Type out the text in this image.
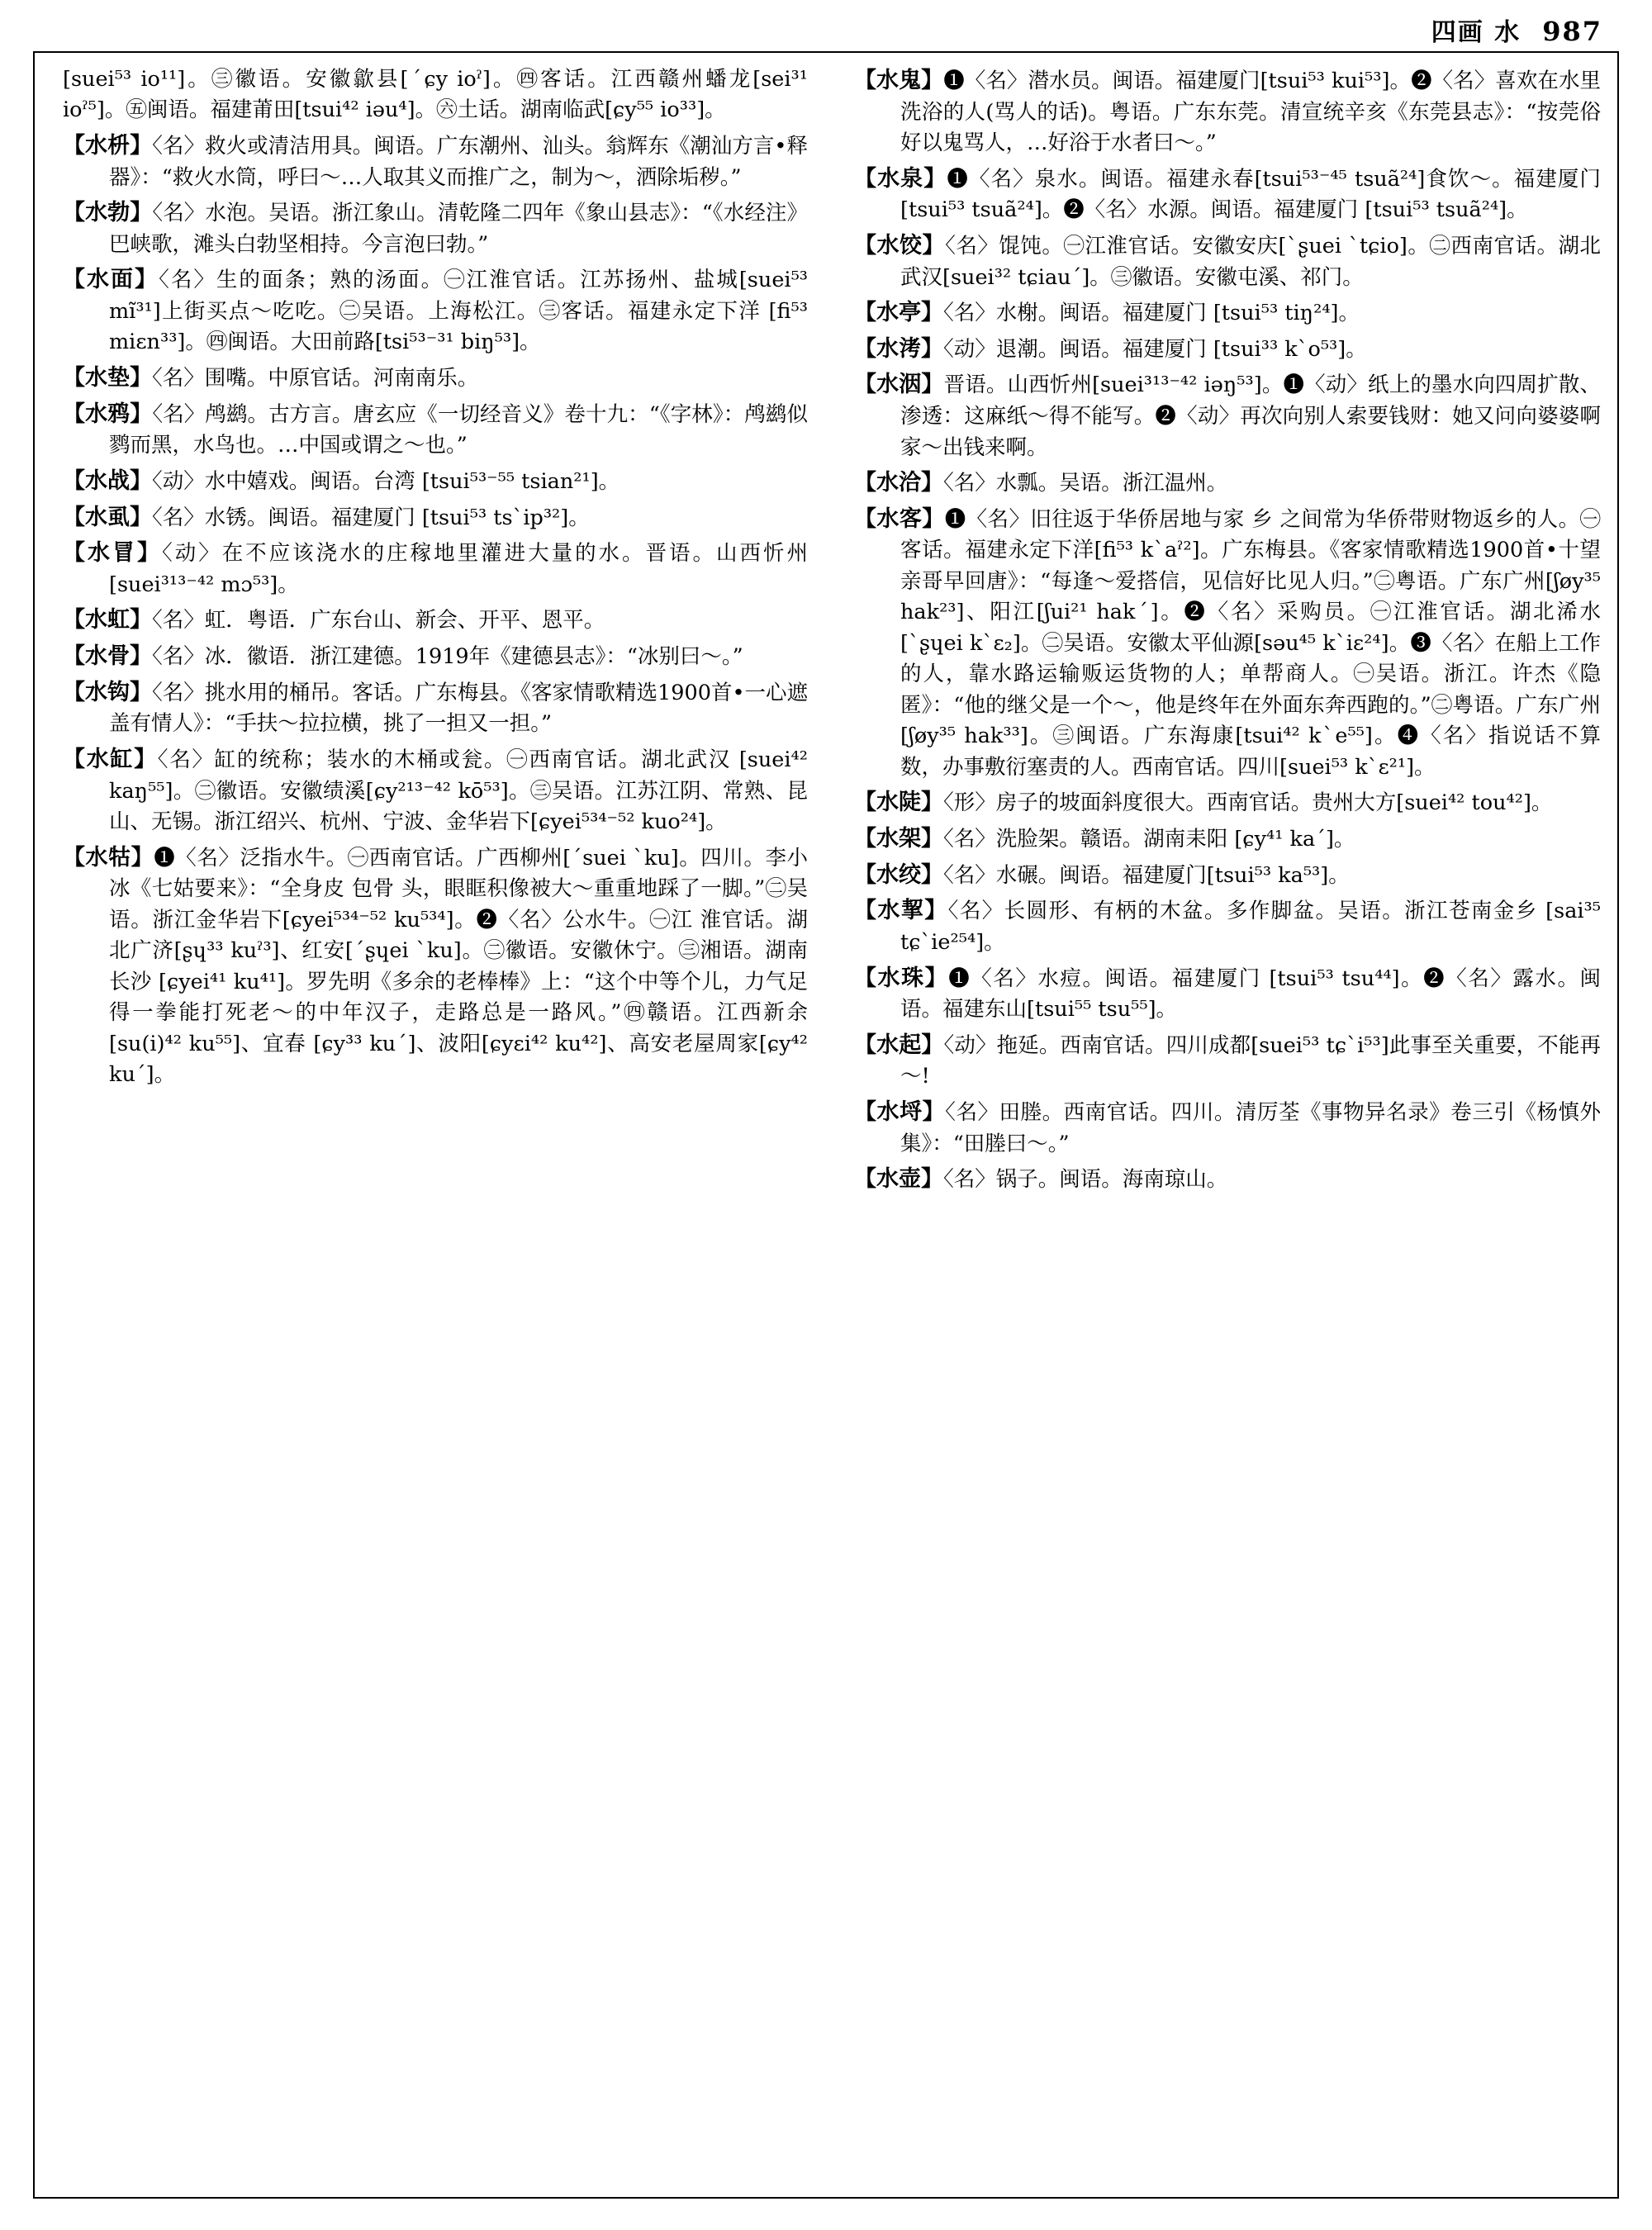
四画 水 987

[suei⁵³ io¹¹]。㊂徽语。安徽歙县[ˊɕy ioˀ]。㊃客话。江西赣州蟠龙[sei³¹ ioˀ⁵]。㊄闽语。福建莆田[tsui⁴² iəu⁴]。㊅土话。湖南临武[ɕy⁵⁵ io³³]。

【水枡】〈名〉救火或清洁用具。闽语。广东潮州、汕头。翁辉东《潮汕方言•释器》：“救火水筒，呼曰～…人取其义而推广之，制为～，洒除垢秽。”

【水勃】〈名〉水泡。吴语。浙江象山。清乾隆二四年《象山县志》：“《水经注》巴峡歌，滩头白勃坚相持。今言泡曰勃。”

【水面】〈名〉生的面条；熟的汤面。㊀江淮官话。江苏扬州、盐城[suei⁵³ mĩ³¹]上街买点～吃吃。㊁吴语。上海松江。㊂客话。福建永定下洋 [fi⁵³ miɛn³³]。㊃闽语。大田前路[tsi⁵³⁻³¹ biŋ⁵³]。

【水垫】〈名〉围嘴。中原官话。河南南乐。

【水鸦】〈名〉鸬鹚。古方言。唐玄应《一切经音义》卷十九：“《字林》：鸬鹚似鹨而黑，水鸟也。…中国或谓之～也。”

【水战】〈动〉水中嬉戏。闽语。台湾 [tsui⁵³⁻⁵⁵ tsian²¹]。

【水虱】〈名〉水锈。闽语。福建厦门 [tsui⁵³ tsˋip³²]。

【水冒】〈动〉在不应该浇水的庄稼地里灌进大量的水。晋语。山西忻州 [suei³¹³⁻⁴² mɔ⁵³]。

【水虹】〈名〉虹．粤语．广东台山、新会、开平、恩平。

【水骨】〈名〉冰．徽语．浙江建德。1919年《建德县志》：“冰别曰～。”

【水钩】〈名〉挑水用的桶吊。客话。广东梅县。《客家情歌精选1900首•一心遮盖有情人》：“手扶～拉拉横，挑了一担又一担。”

【水缸】〈名〉缸的统称；装水的木桶或瓮。㊀西南官话。湖北武汉 [suei⁴² kaŋ⁵⁵]。㊁徽语。安徽绩溪[ɕy²¹³⁻⁴² kō⁵³]。㊂吴语。江苏江阴、常熟、昆山、无锡。浙江绍兴、杭州、宁波、金华岩下[ɕyei⁵³⁴⁻⁵² kuo²⁴]。

【水牯】❶〈名〉泛指水牛。㊀西南官话。广西柳州[ˊsuei ˋku]。四川。李小冰《七姑要来》：“全身皮 包骨 头，眼眶积像被大～重重地踩了一脚。”㊁吴语。浙江金华岩下[ɕyei⁵³⁴⁻⁵² ku⁵³⁴]。❷〈名〉公水牛。㊀江 淮官话。湖北广济[ʂɥ³³ kuˀ³]、红安[ˊʂɥei ˋku]。㊁徽语。安徽休宁。㊂湘语。湖南长沙 [ɕyei⁴¹ ku⁴¹]。罗先明《多余的老棒棒》上：“这个中等个儿，力气足得一拳能打死老～的中年汉子，走路总是一路风。”㊃赣语。江西新余[su(i)⁴² ku⁵⁵]、宜春 [ɕy³³ kuˊ]、波阳[ɕyɛi⁴² ku⁴²]、高安老屋周家[ɕy⁴² kuˊ]。

【水鬼】❶〈名〉潜水员。闽语。福建厦门[tsui⁵³ kui⁵³]。❷〈名〉喜欢在水里洗浴的人(骂人的话)。粤语。广东东莞。清宣统辛亥《东莞县志》：“按莞俗好以鬼骂人，…好浴于水者曰～。”

【水泉】❶〈名〉泉水。闽语。福建永春[tsui⁵³⁻⁴⁵ tsuã²⁴]食饮～。福建厦门 [tsui⁵³ tsuã²⁴]。❷〈名〉水源。闽语。福建厦门 [tsui⁵³ tsuã²⁴]。

【水饺】〈名〉馄饨。㊀江淮官话。安徽安庆[ˋʂuei ˋtɕio]。㊁西南官话。湖北武汉[suei³² tɕiauˊ]。㊂徽语。安徽屯溪、祁门。

【水亭】〈名〉水榭。闽语。福建厦门 [tsui⁵³ tiŋ²⁴]。

【水洘】〈动〉退潮。闽语。福建厦门 [tsui³³ kˋo⁵³]。

【水洇】晋语。山西忻州[suei³¹³⁻⁴² iəŋ⁵³]。❶〈动〉纸上的墨水向四周扩散、渗透：这麻纸～得不能写。❷〈动〉再次向别人索要钱财：她又问向婆婆啊家～出钱来啊。

【水洽】〈名〉水瓢。吴语。浙江温州。

【水客】❶〈名〉旧往返于华侨居地与家 乡 之间常为华侨带财物返乡的人。㊀客话。福建永定下洋[fi⁵³ kˋaˀ²]。广东梅县。《客家情歌精选1900首•十望亲哥早回唐》：“每逢～爱搭信，见信好比见人归。”㊁粤语。广东广州[ʃøy³⁵ hak²³]、阳江[ʃui²¹ hakˊ]。❷〈名〉采购员。㊀江淮官话。湖北浠水 [ˋʂɥei kˋɛ₂]。㊁吴语。安徽太平仙源[səu⁴⁵ kˋiɛ²⁴]。❸〈名〉在船上工作的人，靠水路运输贩运货物的人；单帮商人。㊀吴语。浙江。许杰《隐匿》：“他的继父是一个～，他是终年在外面东奔西跑的。”㊁粤语。广东广州[ʃøy³⁵ hak³³]。㊂闽语。广东海康[tsui⁴² kˋe⁵⁵]。❹〈名〉指说话不算数，办事敷衍塞责的人。西南官话。四川[suei⁵³ kˋɛ²¹]。

【水陡】〈形〉房子的坡面斜度很大。西南官话。贵州大方[suei⁴² tou⁴²]。

【水架】〈名〉洗脸架。赣语。湖南耒阳 [ɕy⁴¹ kaˊ]。

【水绞】〈名〉水碾。闽语。福建厦门[tsui⁵³ ka⁵³]。

【水挈】〈名〉长圆形、有柄的木盆。多作脚盆。吴语。浙江苍南金乡 [sai³⁵ tɕˋie²⁵⁴]。

【水珠】❶〈名〉水痘。闽语。福建厦门 [tsui⁵³ tsu⁴⁴]。❷〈名〉露水。闽语。福建东山[tsui⁵⁵ tsu⁵⁵]。

【水起】〈动〉拖延。西南官话。四川成都[suei⁵³ tɕˋi⁵³]此事至关重要，不能再～!

【水埒】〈名〉田塍。西南官话。四川。清厉荃《事物异名录》卷三引《杨慎外集》：“田塍曰～。”

【水壶】〈名〉锅子。闽语。海南琼山。
